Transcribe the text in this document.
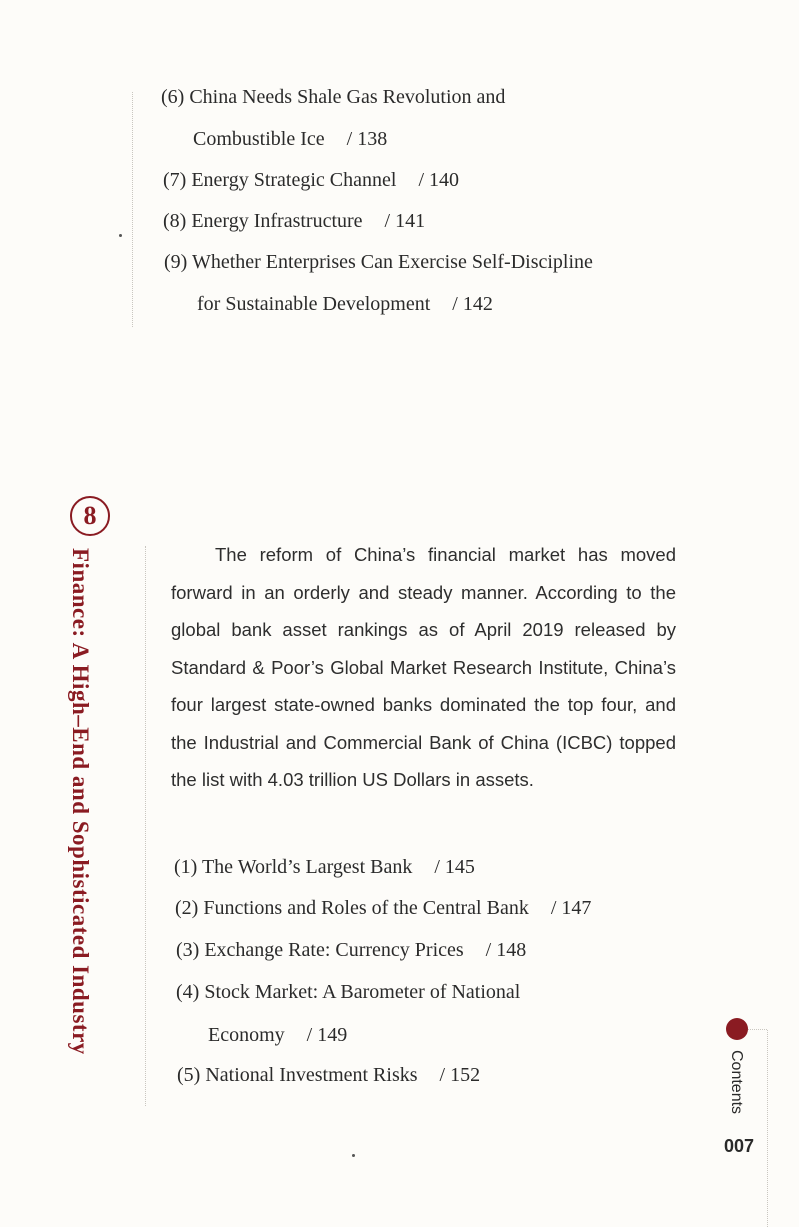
(6) China Needs Shale Gas Revolution and
Combustible Ice / 138
(7) Energy Strategic Channel / 140
(8) Energy Infrastructure / 141
(9) Whether Enterprises Can Exercise Self-Discipline
for Sustainable Development / 142
8
Finance: A High–End and Sophisticated Industry	The reform of China’s financial market has moved forward in an orderly and steady manner. According to the global bank asset rankings as of April 2019 released by Standard & Poor’s Global Market Research Institute, China’s four largest state-owned banks dominated the top four, and the Industrial and Commercial Bank of China (ICBC) topped the list with 4.03 trillion US Dollars in assets.
(1) The World’s Largest Bank / 145
(2) Functions and Roles of the Central Bank / 147
(3) Exchange Rate: Currency Prices / 148
(4) Stock Market: A Barometer of National
Economy / 149
(5) National Investment Risks / 152	Contents
007
